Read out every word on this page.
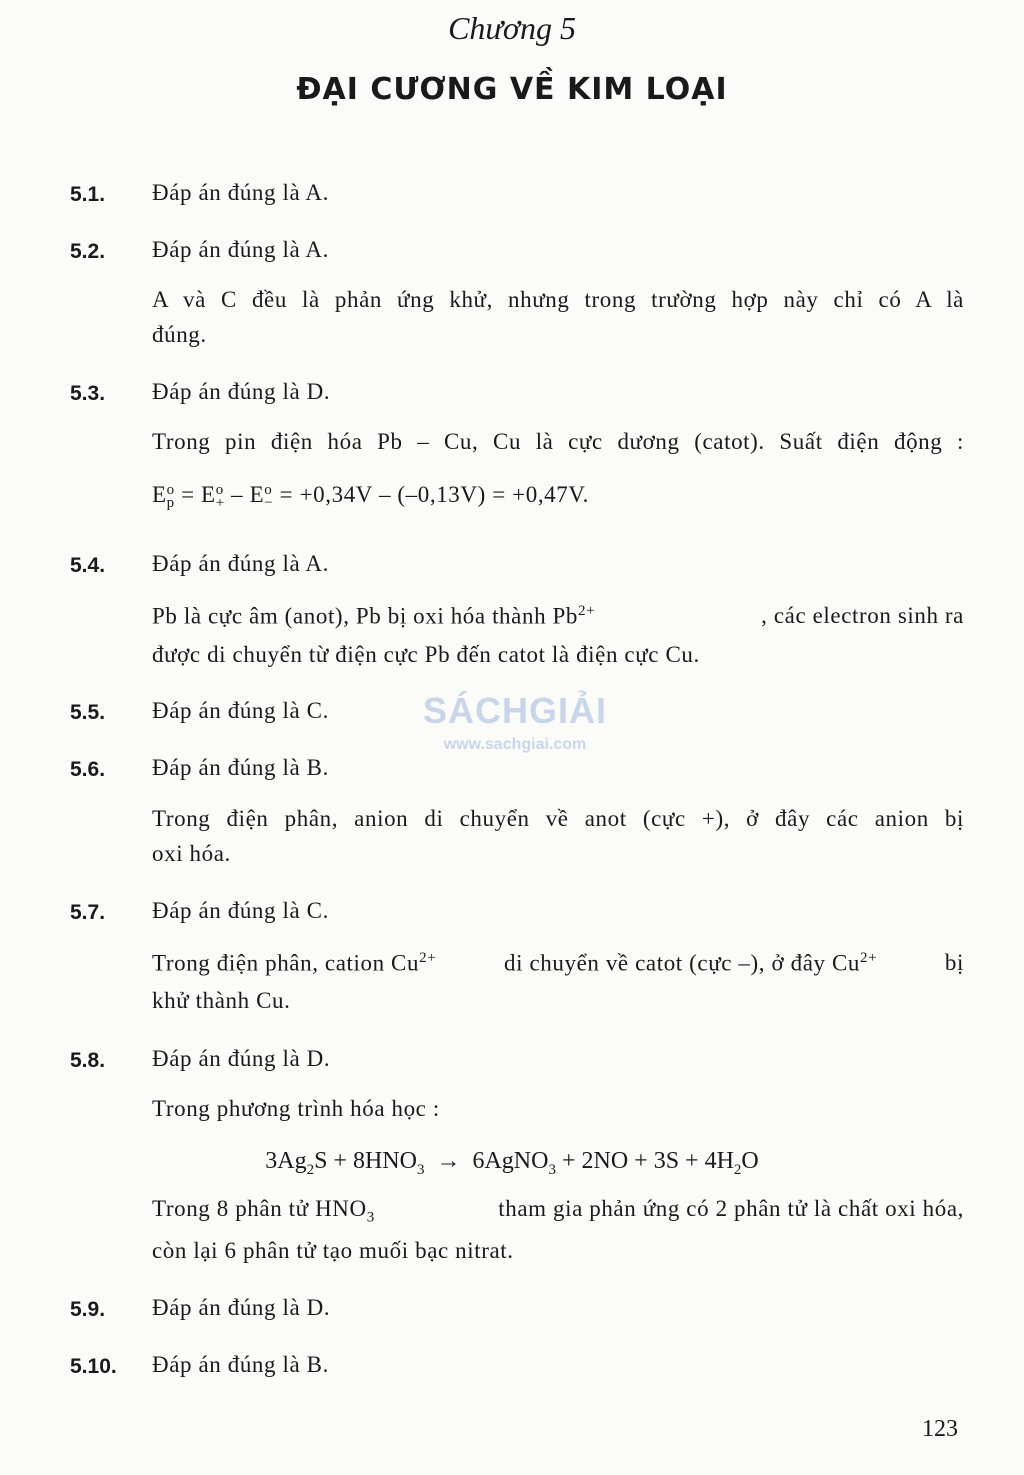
Chương 5
ĐẠI CƯƠNG VỀ KIM LOẠI
5.1. Đáp án đúng là A.
5.2. Đáp án đúng là A.
A và C đều là phản ứng khử, nhưng trong trường hợp này chỉ có A là
đúng.
5.3. Đáp án đúng là D.
Trong pin điện hóa Pb – Cu, Cu là cực dương (catot). Suất điện động :
E o
p = E o
+ – E o
− = +0,34V – (–0,13V) = +0,47V.
5.4. Đáp án đúng là A.
Pb là cực âm (anot), Pb bị oxi hóa thành $Pb^{2+}$	, các electron sinh ra
được di chuyển từ điện cực Pb đến catot là điện cực Cu.
5.5. Đáp án đúng là C.
5.6. Đáp án đúng là B.
Trong điện phân, anion di chuyển về anot (cực +), ở đây các anion bị
oxi hóa.
5.7. Đáp án đúng là C.
Trong điện phân, cation $Cu^{2+}$	di chuyển về catot (cực –), ở đây $Cu^{2+}$	bị
khử thành Cu.
5.8. Đáp án đúng là D.
Trong phương trình hóa học :
$3Ag_2S + 8HNO_3$ → 6AgNO$_3$ + $2NO + 3S + 4H_2O$
Trong 8 phân tử $HNO_3$	tham gia phản ứng có 2 phân tử là chất oxi hóa,
còn lại 6 phân tử tạo muối bạc nitrat.
5.9. Đáp án đúng là D.
5.10. Đáp án đúng là B.
SÁCHGIẢI
www.sachgiai.com
123
